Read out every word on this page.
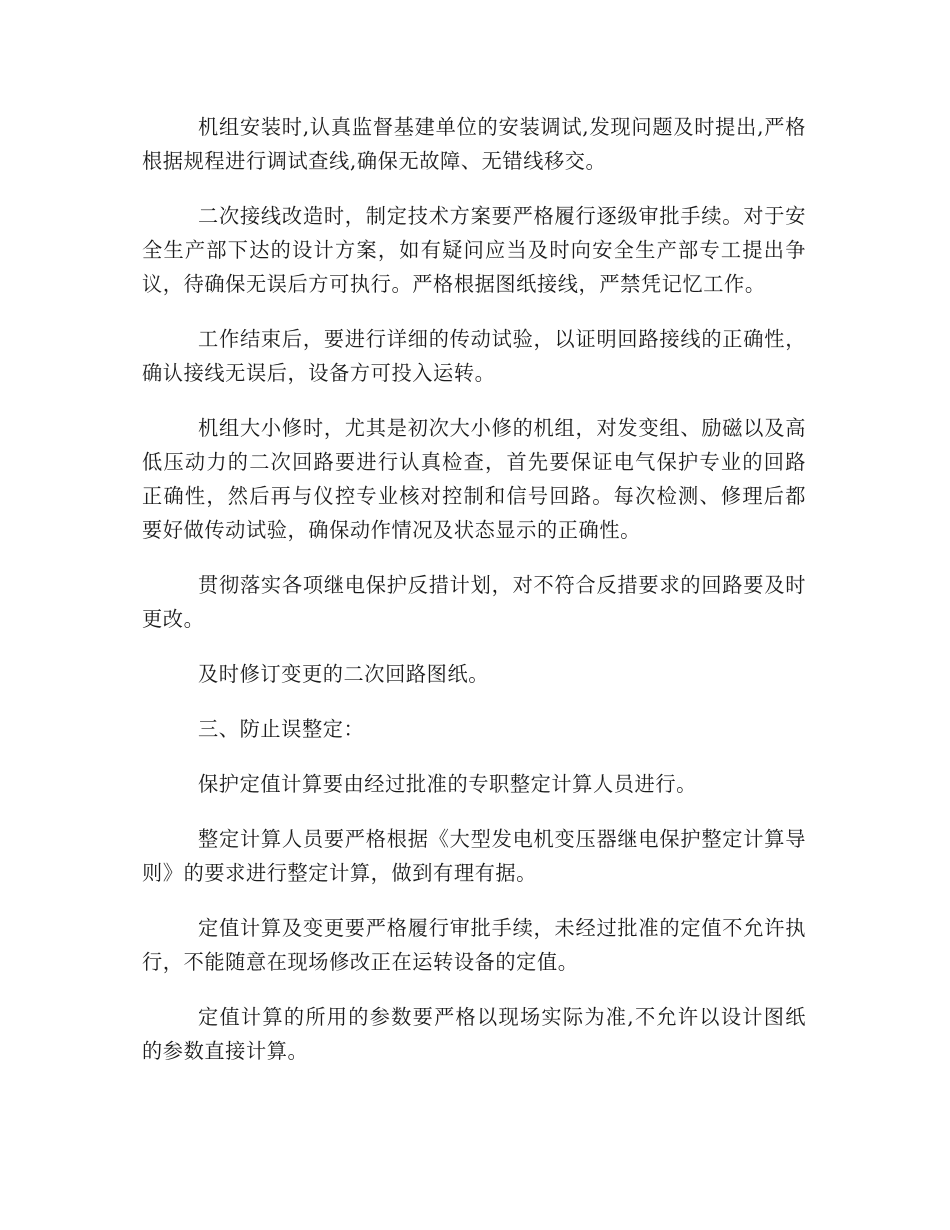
机组安装时,认真监督基建单位的安装调试,发现问题及时提出,严格根据规程进行调试查线,确保无故障、无错线移交。

二次接线改造时，制定技术方案要严格履行逐级审批手续。对于安全生产部下达的设计方案，如有疑问应当及时向安全生产部专工提出争议，待确保无误后方可执行。严格根据图纸接线，严禁凭记忆工作。

工作结束后，要进行详细的传动试验，以证明回路接线的正确性，确认接线无误后，设备方可投入运转。

机组大小修时，尤其是初次大小修的机组，对发变组、励磁以及高低压动力的二次回路要进行认真检查，首先要保证电气保护专业的回路正确性，然后再与仪控专业核对控制和信号回路。每次检测、修理后都要好做传动试验，确保动作情况及状态显示的正确性。

贯彻落实各项继电保护反措计划，对不符合反措要求的回路要及时更改。

及时修订变更的二次回路图纸。

三、防止误整定：

保护定值计算要由经过批准的专职整定计算人员进行。

整定计算人员要严格根据《大型发电机变压器继电保护整定计算导则》的要求进行整定计算，做到有理有据。

定值计算及变更要严格履行审批手续，未经过批准的定值不允许执行，不能随意在现场修改正在运转设备的定值。

定值计算的所用的参数要严格以现场实际为准,不允许以设计图纸的参数直接计算。
